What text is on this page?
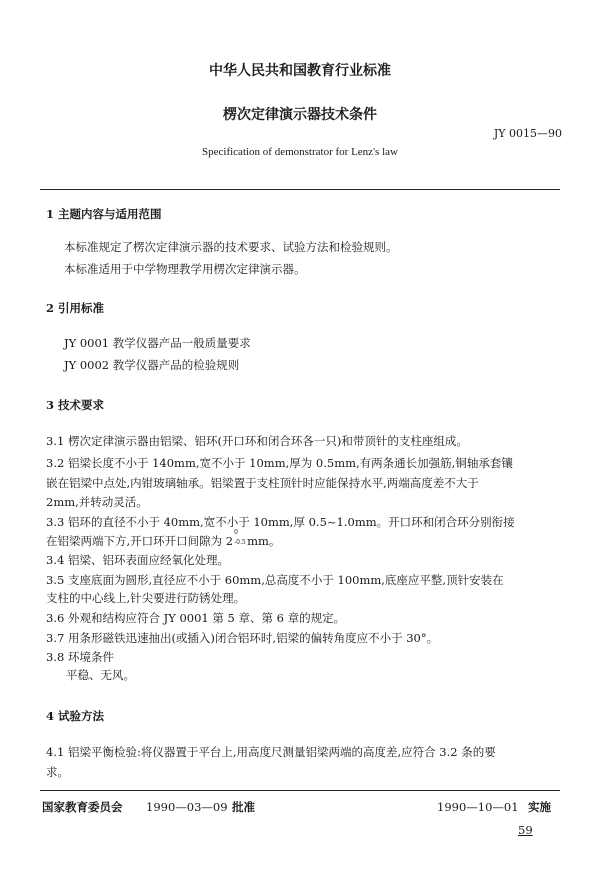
中华人民共和国教育行业标准
楞次定律演示器技术条件
JY 0015—90
Specification of demonstrator for Lenz's law
1 主题内容与适用范围
本标准规定了楞次定律演示器的技术要求、试验方法和检验规则。
本标准适用于中学物理教学用楞次定律演示器。
2 引用标准
JY 0001 教学仪器产品一般质量要求
JY 0002 教学仪器产品的检验规则
3 技术要求
3.1 楞次定律演示器由铝梁、铝环(开口环和闭合环各一只)和带顶针的支柱座组成。
3.2 铝梁长度不小于 140mm,宽不小于 10mm,厚为 0.5mm,有两条通长加强筋,铜轴承套镶
嵌在铝梁中点处,内钳玻璃轴承。铝梁置于支柱顶针时应能保持水平,两端高度差不大于
2mm,并转动灵活。
3.3 铝环的直径不小于 40mm,宽不小于 10mm,厚 0.5~1.0mm。开口环和闭合环分别衔接
在铝梁两端下方,开口环开口间隙为 2
0
-0.5 mm。
3.4 铝梁、铝环表面应经氧化处理。
3.5 支座底面为圆形,直径应不小于 60mm,总高度不小于 100mm,底座应平整,顶针安装在
支柱的中心线上,针尖要进行防锈处理。
3.6 外观和结构应符合 JY 0001 第 5 章、第 6 章的规定。
3.7 用条形磁铁迅速抽出(或插入)闭合铝环时,铝梁的偏转角度应不小于 30°。
3.8 环境条件
平稳、无风。
4 试验方法
4.1 铝梁平衡检验:将仪器置于平台上,用高度尺测量铝梁两端的高度差,应符合 3.2 条的要
求。
国家教育委员会 1990—03—09 批准	1990—10—01 实施
59
